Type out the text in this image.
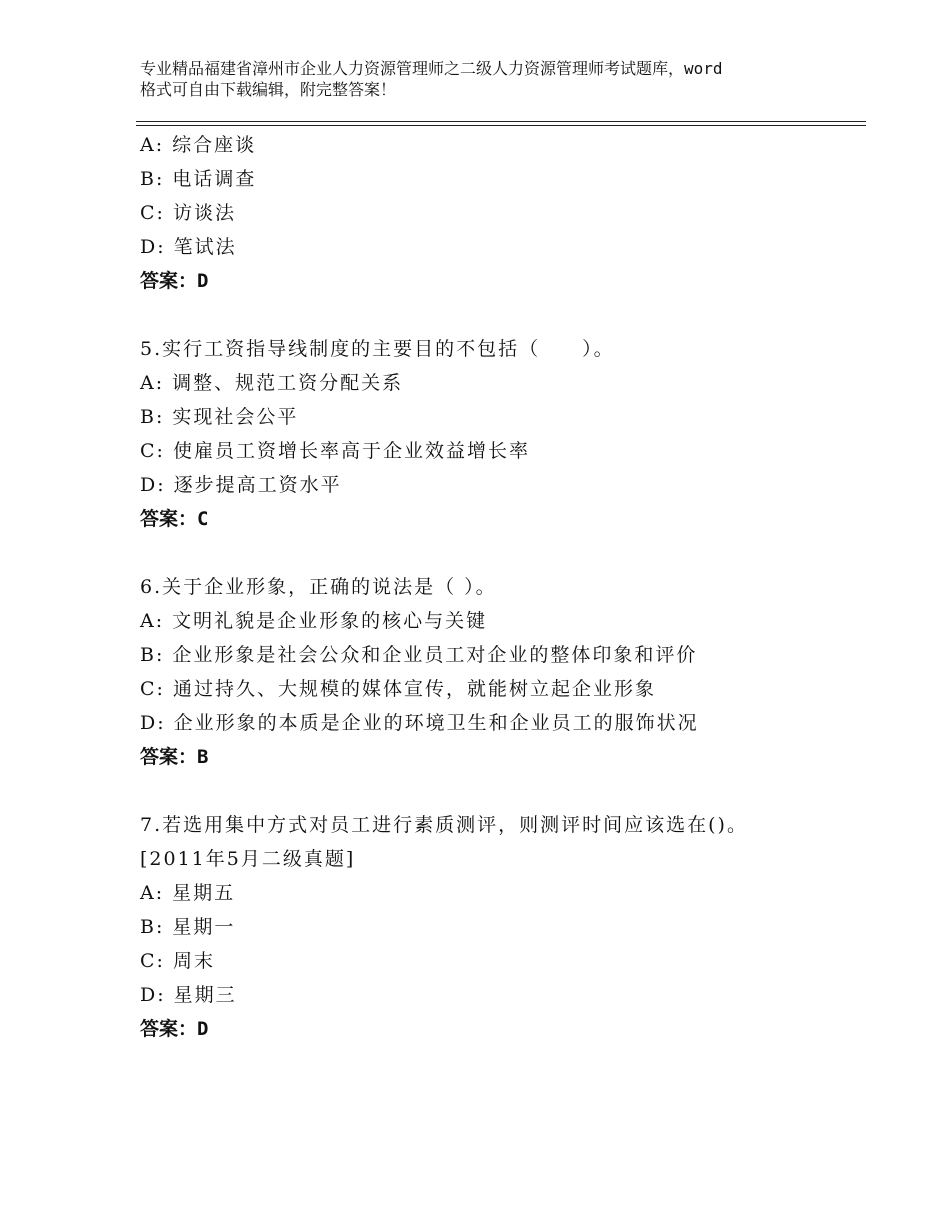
专业精品福建省漳州市企业人力资源管理师之二级人力资源管理师考试题库，word
格式可自由下载编辑，附完整答案！
A: 综合座谈
B: 电话调查
C: 访谈法
D: 笔试法
答案：D
5.实行工资指导线制度的主要目的不包括（　　）。
A: 调整、规范工资分配关系
B: 实现社会公平
C: 使雇员工资增长率高于企业效益增长率
D: 逐步提高工资水平
答案：C
6.关于企业形象，正确的说法是（ ）。
A: 文明礼貌是企业形象的核心与关键
B: 企业形象是社会公众和企业员工对企业的整体印象和评价
C: 通过持久、大规模的媒体宣传，就能树立起企业形象
D: 企业形象的本质是企业的环境卫生和企业员工的服饰状况
答案：B
7.若选用集中方式对员工进行素质测评，则测评时间应该选在()。
[2011年5月二级真题]
A: 星期五
B: 星期一
C: 周末
D: 星期三
答案：D
